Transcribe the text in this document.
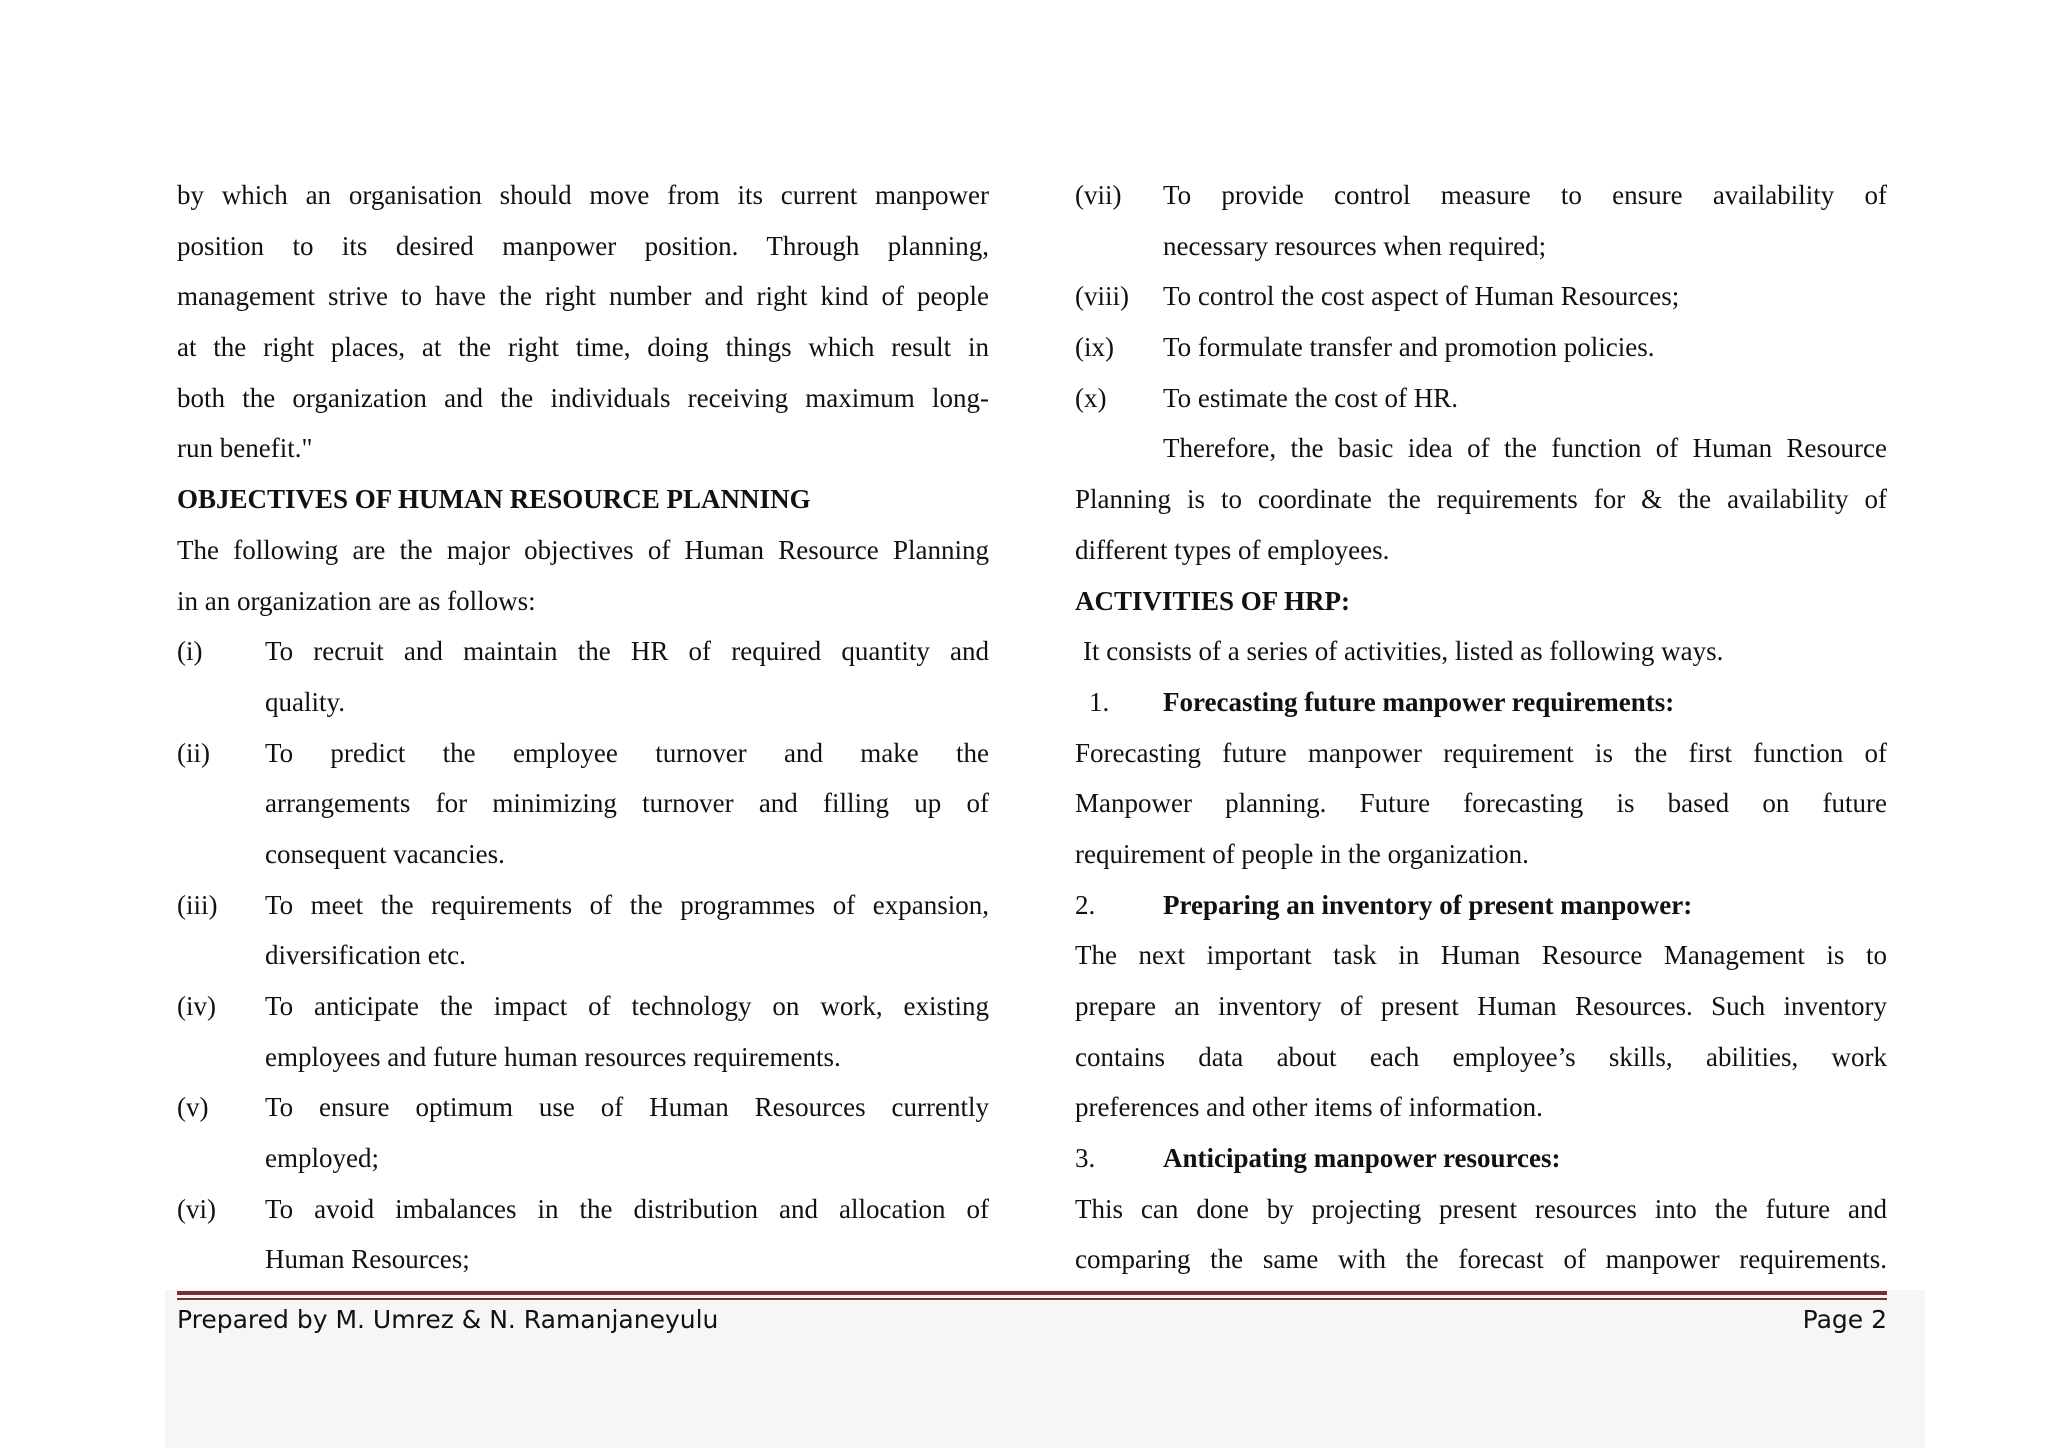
by which an organisation should move from its current manpower
position to its desired manpower position. Through planning,
management strive to have the right number and right kind of people
at the right places, at the right time, doing things which result in
both the organization and the individuals receiving maximum long-
run benefit."
OBJECTIVES OF HUMAN RESOURCE PLANNING
The following are the major objectives of Human Resource Planning
in an organization are as follows:
(i)	To recruit and maintain the HR of required quantity and
quality.
(ii)	To predict the employee turnover and make the
arrangements for minimizing turnover and filling up of
consequent vacancies.
(iii)	To meet the requirements of the programmes of expansion,
diversification etc.
(iv)	To anticipate the impact of technology on work, existing
employees and future human resources requirements.
(v)	To ensure optimum use of Human Resources currently
employed;
(vi)	To avoid imbalances in the distribution and allocation of
Human Resources;
(vii)	To provide control measure to ensure availability of
necessary resources when required;
(viii)	To control the cost aspect of Human Resources;
(ix)	To formulate transfer and promotion policies.
(x)	To estimate the cost of HR.
Therefore, the basic idea of the function of Human Resource
Planning is to coordinate the requirements for & the availability of
different types of employees.
ACTIVITIES OF HRP:
It consists of a series of activities, listed as following ways.
1.	Forecasting future manpower requirements:
Forecasting future manpower requirement is the first function of
Manpower planning. Future forecasting is based on future
requirement of people in the organization.
2.	Preparing an inventory of present manpower:
The next important task in Human Resource Management is to
prepare an inventory of present Human Resources. Such inventory
contains data about each employee’s skills, abilities, work
preferences and other items of information.
3.	Anticipating manpower resources:
This can done by projecting present resources into the future and
comparing the same with the forecast of manpower requirements.
Prepared by M. Umrez & N. Ramanjaneyulu	Page 2
